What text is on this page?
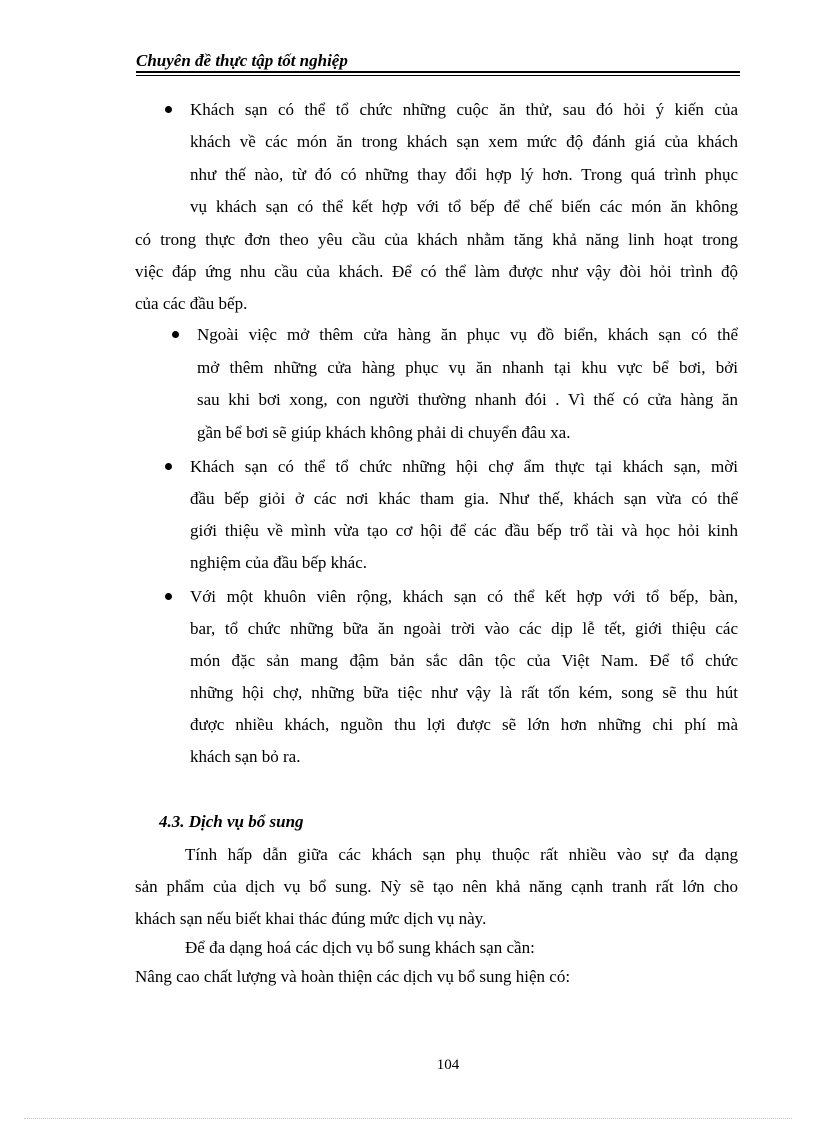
Chuyên đề thực tập tốt nghiệp
Khách sạn có thể tổ chức những cuộc ăn thử, sau đó hỏi ý kiến của
khách về các món ăn trong khách sạn xem mức độ đánh giá của khách
như thế nào, từ đó có những thay đổi hợp lý hơn. Trong quá trình phục
vụ khách sạn có thể kết hợp với tổ bếp để chế biến các món ăn không
có trong thực đơn theo yêu cầu của khách nhằm tăng khả năng linh hoạt trong
việc đáp ứng nhu cầu của khách. Để có thể làm được như vậy đòi hỏi trình độ
của các đầu bếp.
Ngoài việc mở thêm cửa hàng ăn phục vụ đồ biển, khách sạn có thể
mở thêm những cửa hàng phục vụ ăn nhanh tại khu vực bể bơi, bởi
sau khi bơi xong, con người thường nhanh đói . Vì thế có cửa hàng ăn
gần bể bơi sẽ giúp khách không phải di chuyển đâu xa.
Khách sạn có thể tổ chức những hội chợ ẩm thực tại khách sạn, mời
đầu bếp giỏi ở các nơi khác tham gia. Như thế, khách sạn vừa có thể
giới thiệu về mình vừa tạo cơ hội để các đầu bếp trổ tài và học hỏi kinh
nghiệm của đầu bếp khác.
Với một khuôn viên rộng, khách sạn có thể kết hợp với tổ bếp, bàn,
bar, tổ chức những bữa ăn ngoài trời vào các dịp lễ tết, giới thiệu các
món đặc sản mang đậm bản sắc dân tộc của Việt Nam. Để tổ chức
những hội chợ, những bữa tiệc như vậy là rất tốn kém, song sẽ thu hút
được nhiều khách, nguồn thu lợi được sẽ lớn hơn những chi phí mà
khách sạn bỏ ra.
4.3. Dịch vụ bổ sung
Tính hấp dẫn giữa các khách sạn phụ thuộc rất nhiều vào sự đa dạng
sản phẩm của dịch vụ bổ sung. Nỳ sẽ tạo nên khả năng cạnh tranh rất lớn cho
khách sạn nếu biết khai thác đúng mức dịch vụ này.
Để đa dạng hoá các dịch vụ bổ sung khách sạn cần:
Nâng cao chất lượng và hoàn thiện các dịch vụ bổ sung hiện có:
104
